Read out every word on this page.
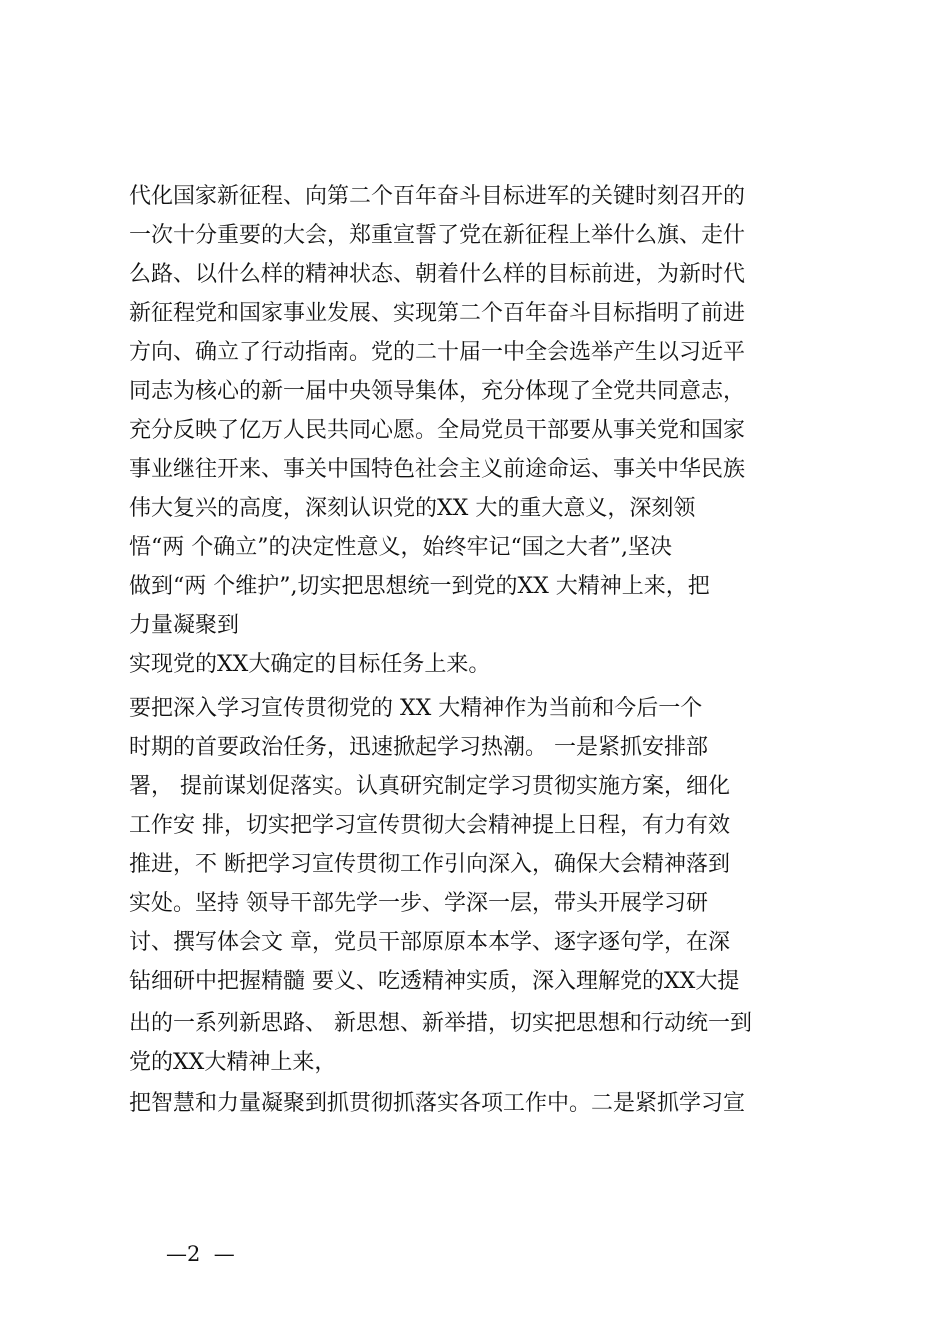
代化国家新征程、向第二个百年奋斗目标进军的关键时刻召开的

一次十分重要的大会，郑重宣誓了党在新征程上举什么旗、走什

么路、以什么样的精神状态、朝着什么样的目标前进，为新时代

新征程党和国家事业发展、实现第二个百年奋斗目标指明了前进

方向、确立了行动指南。党的二十届一中全会选举产生以习近平

同志为核心的新一届中央领导集体，充分体现了全党共同意志，

充分反映了亿万人民共同心愿。全局党员干部要从事关党和国家

事业继往开来、事关中国特色社会主义前途命运、事关中华民族

伟大复兴的高度，深刻认识党的XX 大的重大意义，深刻领

悟“两 个确立”的决定性意义，始终牢记“国之大者”,坚决

做到“两 个维护”,切实把思想统一到党的XX 大精神上来，把

力量凝聚到

实现党的XX大确定的目标任务上来。

要把深入学习宣传贯彻党的 XX 大精神作为当前和今后一个

时期的首要政治任务，迅速掀起学习热潮。 一是紧抓安排部

署， 提前谋划促落实。认真研究制定学习贯彻实施方案，细化

工作安 排，切实把学习宣传贯彻大会精神提上日程，有力有效

推进，不 断把学习宣传贯彻工作引向深入，确保大会精神落到

实处。坚持 领导干部先学一步、学深一层，带头开展学习研

讨、撰写体会文 章，党员干部原原本本学、逐字逐句学，在深

钻细研中把握精髓 要义、吃透精神实质，深入理解党的XX大提

出的一系列新思路、 新思想、新举措，切实把思想和行动统一到

党的XX大精神上来，

把智慧和力量凝聚到抓贯彻抓落实各项工作中。二是紧抓学习宣

—2  —
